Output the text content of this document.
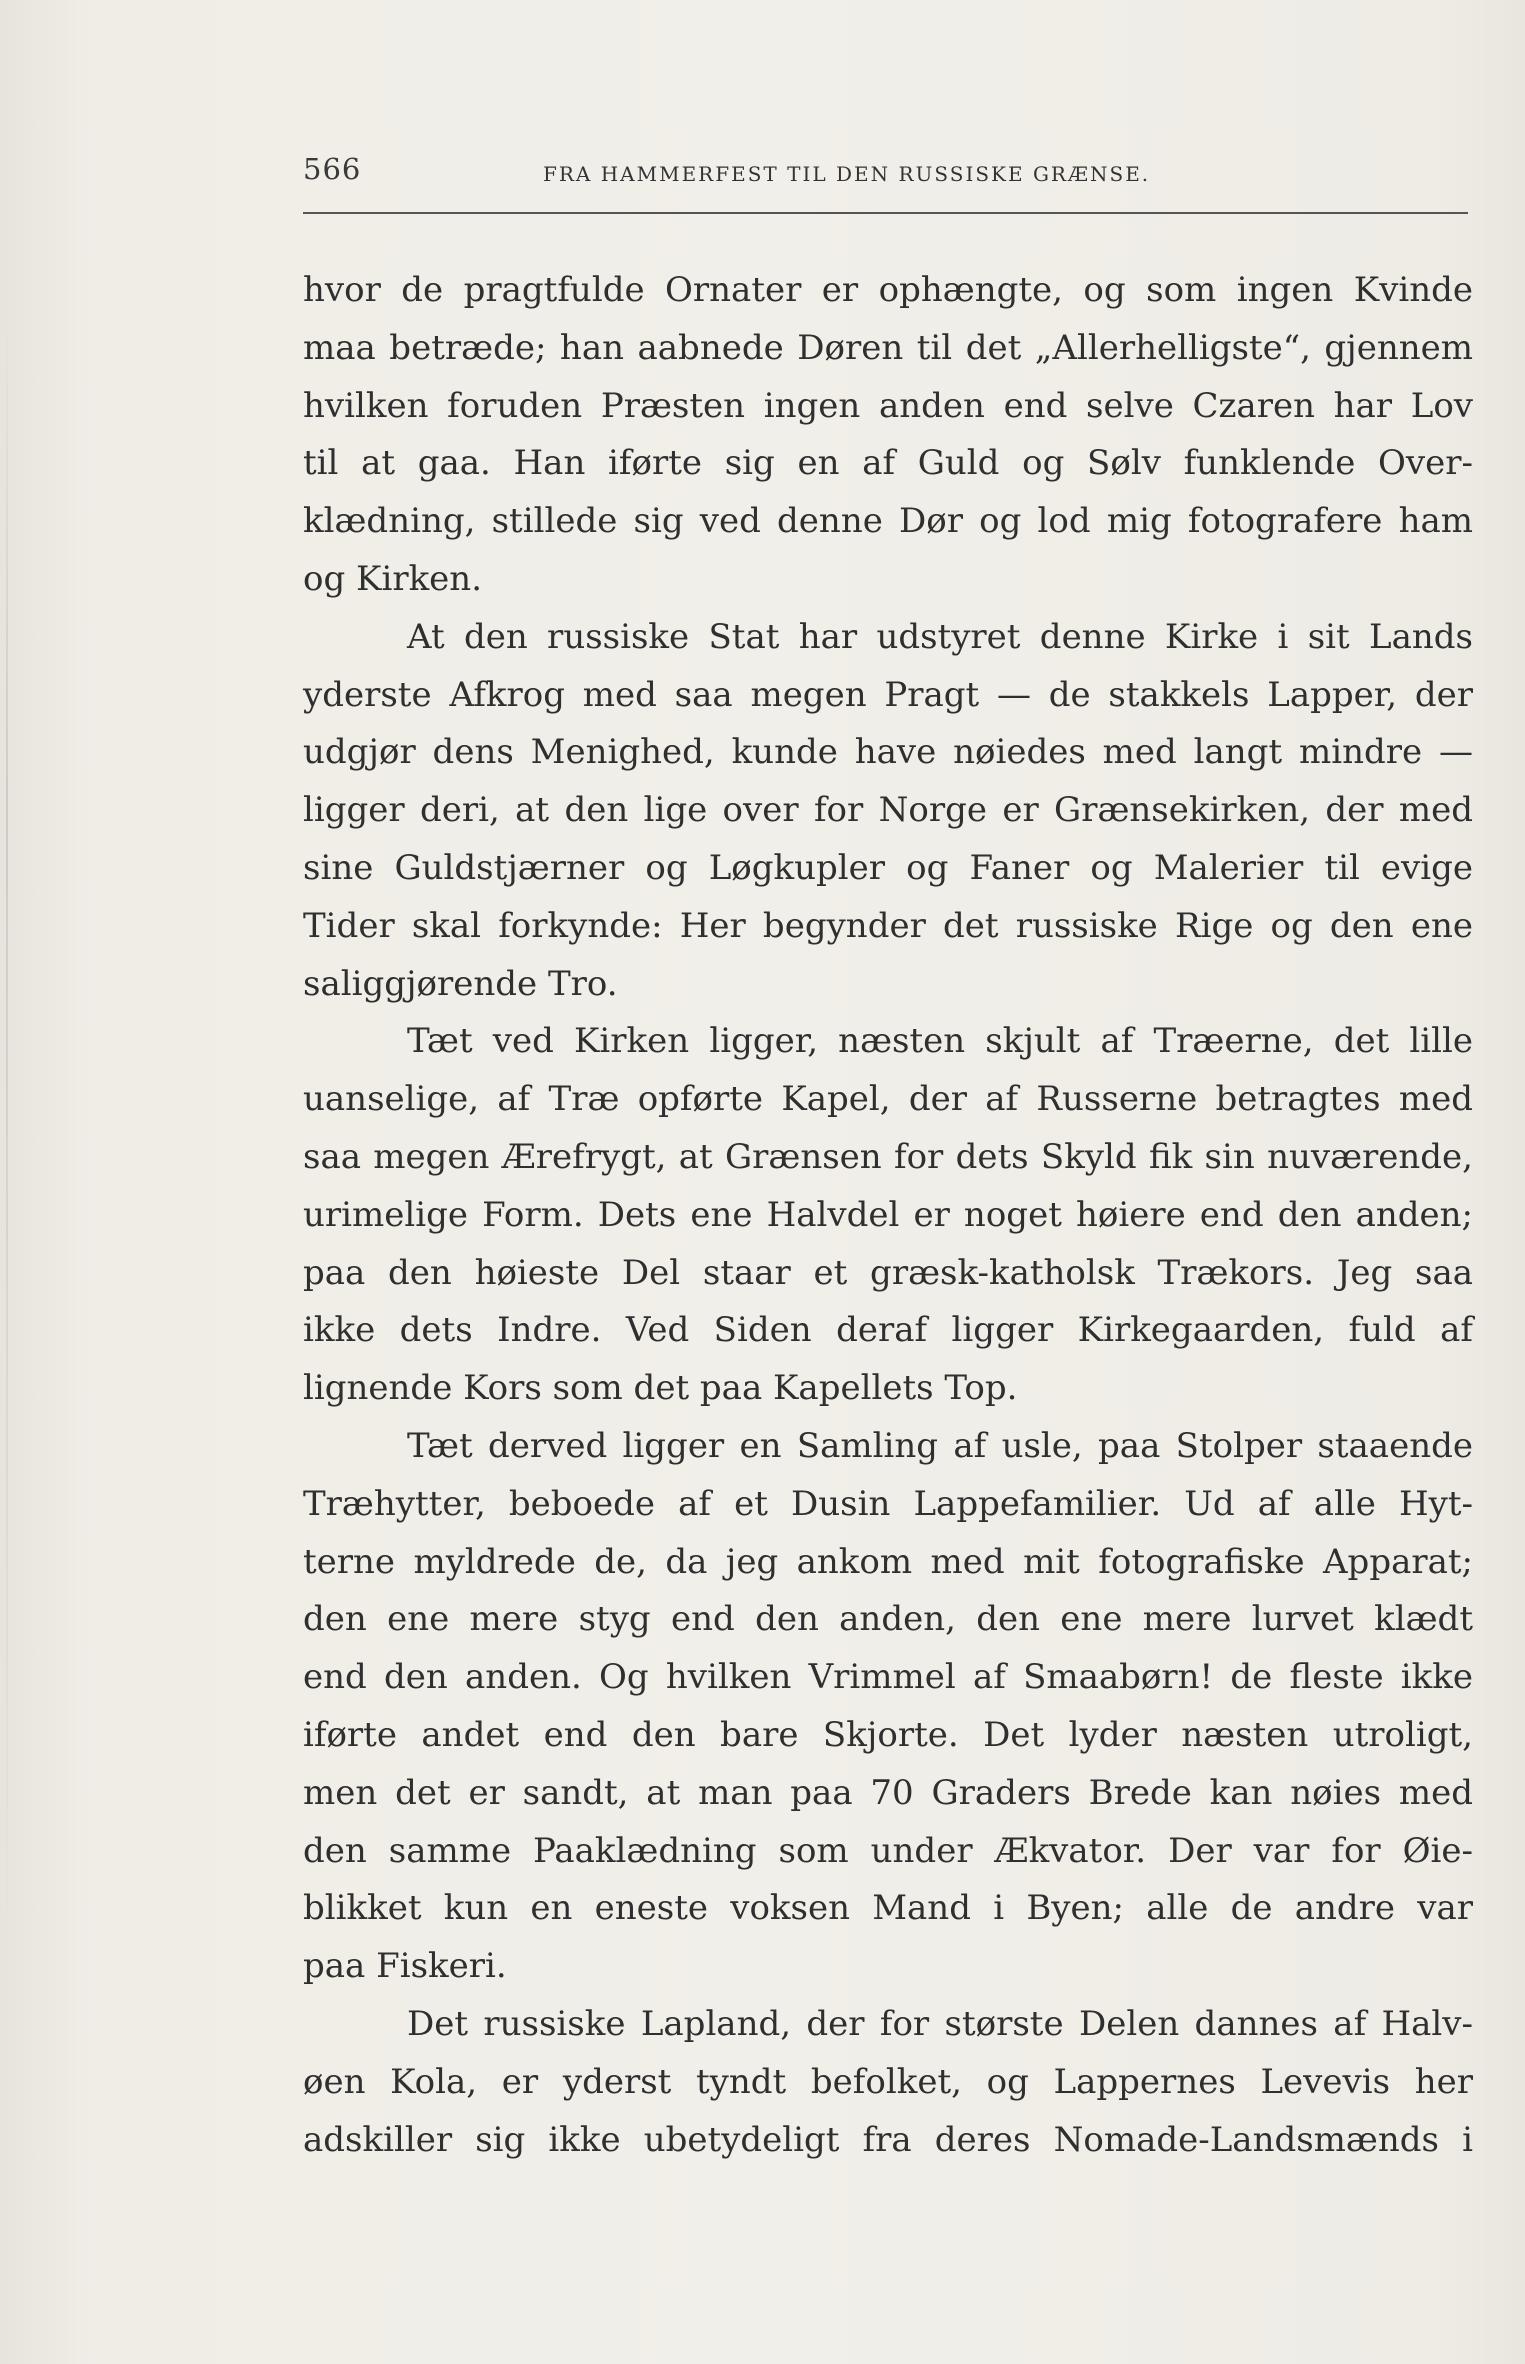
566	FRA HAMMERFEST TIL DEN RUSSISKE GRÆNSE.
hvor de pragtfulde Ornater er ophængte, og som ingen Kvinde
maa betræde; han aabnede Døren til det „Allerhelligste“, gjennem
hvilken foruden Præsten ingen anden end selve Czaren har Lov
til at gaa. Han iførte sig en af Guld og Sølv funklende Over-
klædning, stillede sig ved denne Dør og lod mig fotografere ham
og Kirken.
At den russiske Stat har udstyret denne Kirke i sit Lands
yderste Afkrog med saa megen Pragt — de stakkels Lapper, der
udgjør dens Menighed, kunde have nøiedes med langt mindre —
ligger deri, at den lige over for Norge er Grænsekirken, der med
sine Guldstjærner og Løgkupler og Faner og Malerier til evige
Tider skal forkynde: Her begynder det russiske Rige og den ene
saliggjørende Tro.
Tæt ved Kirken ligger, næsten skjult af Træerne, det lille
uanselige, af Træ opførte Kapel, der af Russerne betragtes med
saa megen Ærefrygt, at Grænsen for dets Skyld fik sin nuværende,
urimelige Form. Dets ene Halvdel er noget høiere end den anden;
paa den høieste Del staar et græsk-katholsk Trækors. Jeg saa
ikke dets Indre. Ved Siden deraf ligger Kirkegaarden, fuld af
lignende Kors som det paa Kapellets Top.
Tæt derved ligger en Samling af usle, paa Stolper staaende
Træhytter, beboede af et Dusin Lappefamilier. Ud af alle Hyt-
terne myldrede de, da jeg ankom med mit fotografiske Apparat;
den ene mere styg end den anden, den ene mere lurvet klædt
end den anden. Og hvilken Vrimmel af Smaabørn! de fleste ikke
iførte andet end den bare Skjorte. Det lyder næsten utroligt,
men det er sandt, at man paa 70 Graders Brede kan nøies med
den samme Paaklædning som under Ækvator. Der var for Øie-
blikket kun en eneste voksen Mand i Byen; alle de andre var
paa Fiskeri.
Det russiske Lapland, der for største Delen dannes af Halv-
øen Kola, er yderst tyndt befolket, og Lappernes Levevis her
adskiller sig ikke ubetydeligt fra deres Nomade-Landsmænds i
